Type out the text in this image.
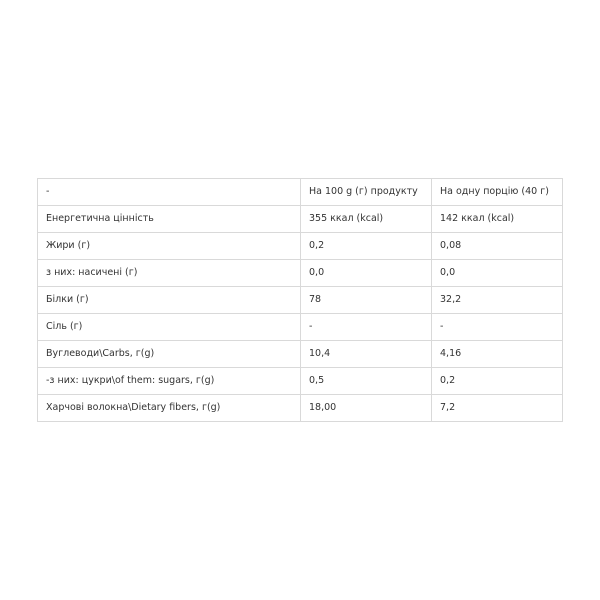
-	На 100 g (г) продукту	На одну порцію (40 г)
Енергетична цінність	355 ккал (kcal)	142 ккал (kcal)
Жири (г)	0,2	0,08
з них: насичені (г)	0,0	0,0
Білки (г)	78	32,2
Сіль (г)	-	-
Вуглеводи\Carbs, г(g)	10,4	4,16
-з них: цукри\of them: sugars, г(g)	0,5	0,2
Харчові волокна\Dietary fibers, г(g)	18,00	7,2
